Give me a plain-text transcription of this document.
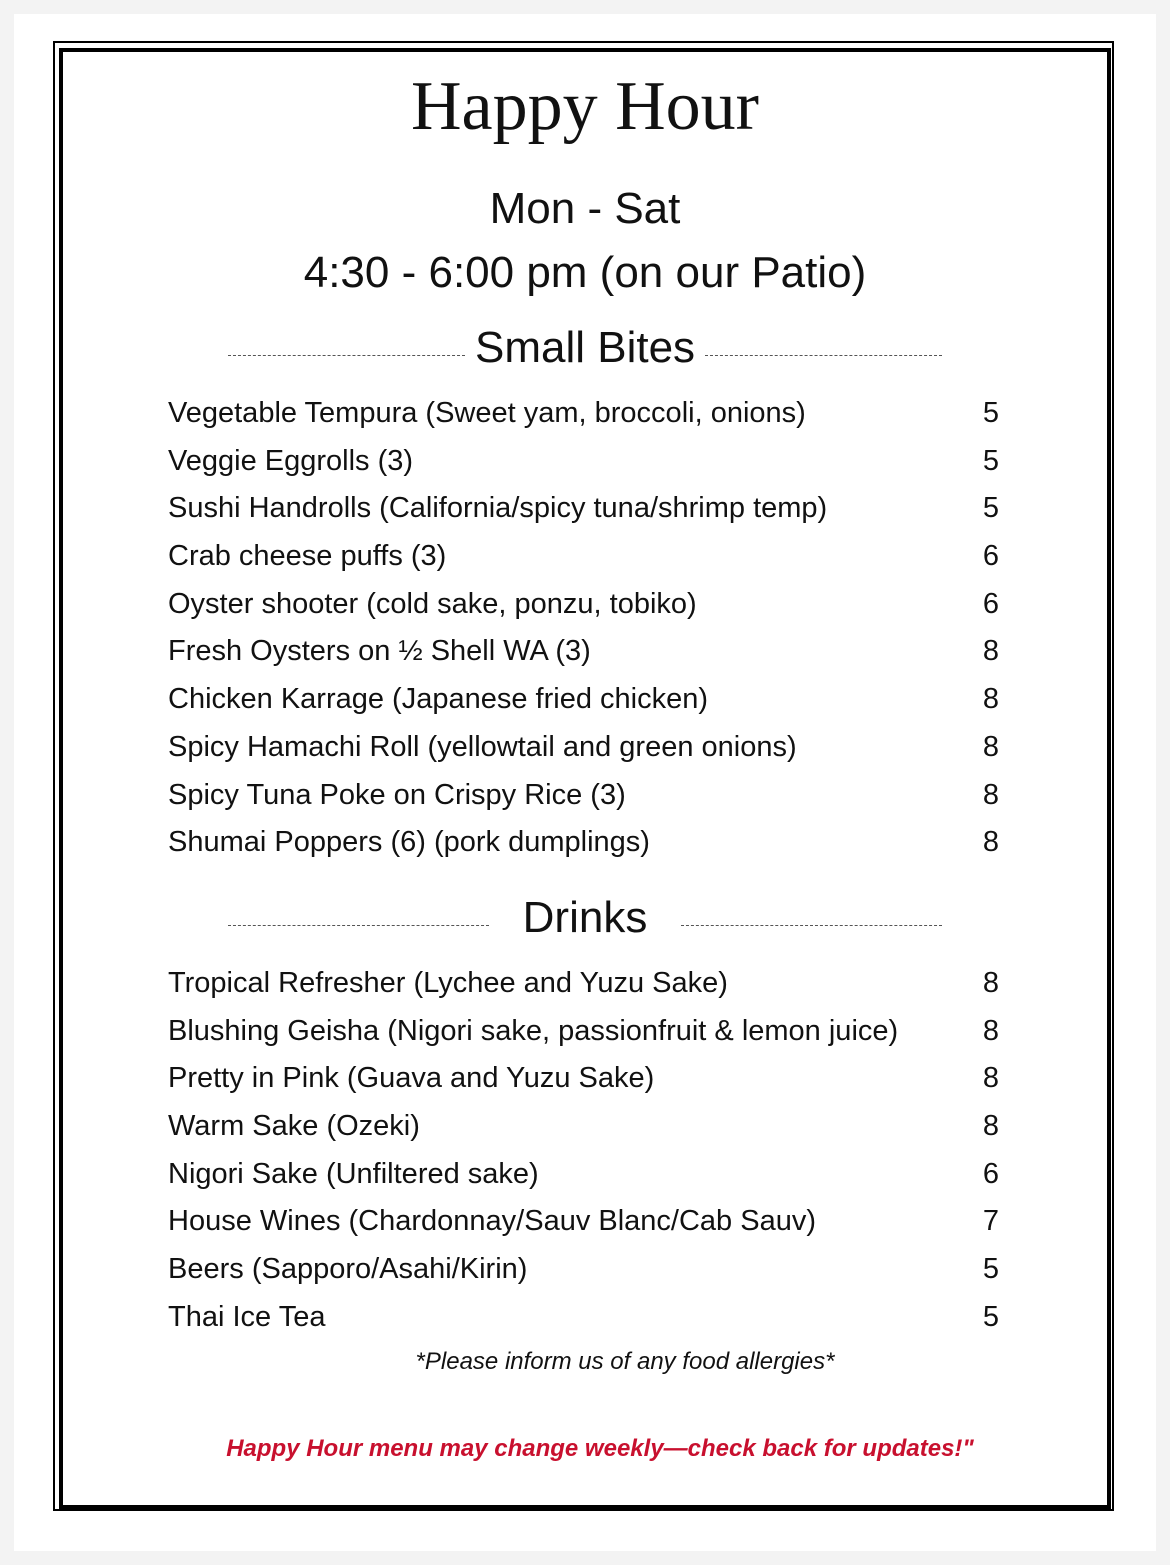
Happy Hour
Mon - Sat
4:30 - 6:00 pm (on our Patio)
Small Bites
Vegetable Tempura (Sweet yam, broccoli, onions)	5
Veggie Eggrolls (3)	5
Sushi Handrolls (California/spicy tuna/shrimp temp)	5
Crab cheese puffs (3)	6
Oyster shooter (cold sake, ponzu, tobiko)	6
Fresh Oysters on ½ Shell WA (3)	8
Chicken Karrage (Japanese fried chicken)	8
Spicy Hamachi Roll (yellowtail and green onions)	8
Spicy Tuna Poke on Crispy Rice (3)	8
Shumai Poppers (6) (pork dumplings)	8
Drinks
Tropical Refresher (Lychee and Yuzu Sake)	8
Blushing Geisha (Nigori sake, passionfruit & lemon juice)	8
Pretty in Pink (Guava and Yuzu Sake)	8
Warm Sake (Ozeki)	8
Nigori Sake (Unfiltered sake)	6
House Wines (Chardonnay/Sauv Blanc/Cab Sauv)	7
Beers (Sapporo/Asahi/Kirin)	5
Thai Ice Tea	5
*Please inform us of any food allergies*
Happy Hour menu may change weekly—check back for updates!"
